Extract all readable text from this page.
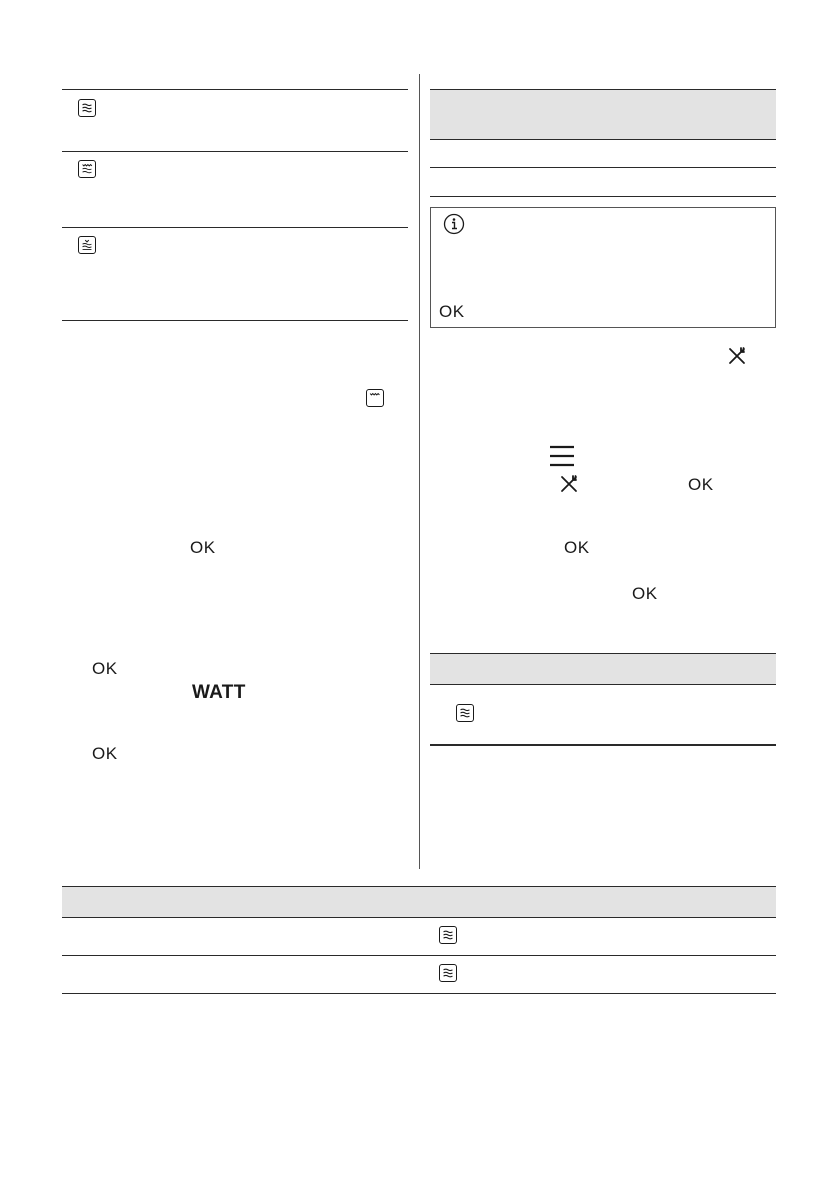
OK
OK
WATT
OK
OK
OK
OK
OK
